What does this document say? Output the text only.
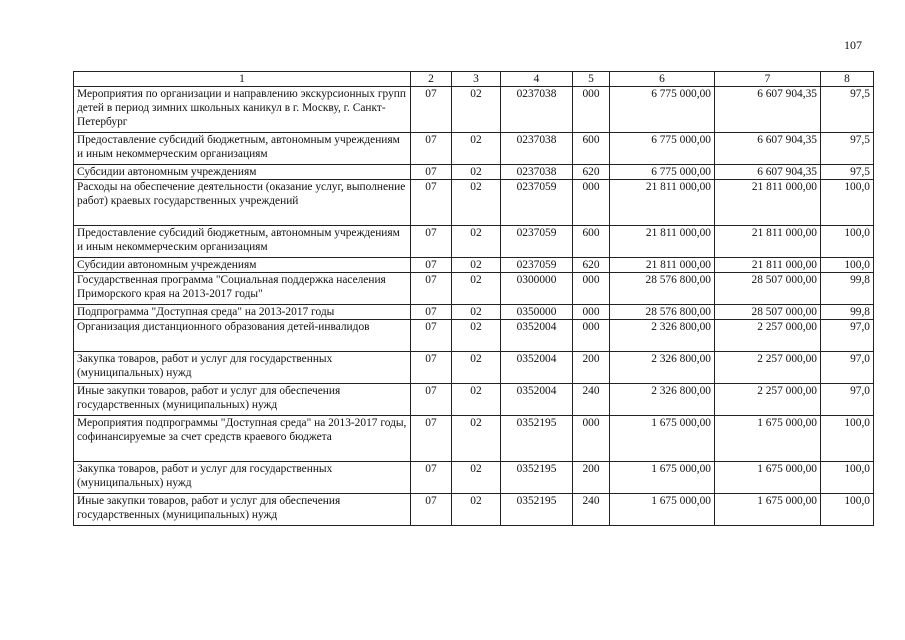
107
1	2	3	4	5	6	7	8
Мероприятия по организации и направлению экскурсионных групп детей в период зимних школьных каникул в г. Москву, г. Санкт-Петербург	07	02	0237038	000	6 775 000,00	6 607 904,35	97,5
Предоставление субсидий бюджетным, автономным учреждениям и иным некоммерческим организациям	07	02	0237038	600	6 775 000,00	6 607 904,35	97,5
Субсидии автономным учреждениям	07	02	0237038	620	6 775 000,00	6 607 904,35	97,5
Расходы на обеспечение деятельности (оказание услуг, выполнение работ) краевых государственных учреждений	07	02	0237059	000	21 811 000,00	21 811 000,00	100,0
Предоставление субсидий бюджетным, автономным учреждениям и иным некоммерческим организациям	07	02	0237059	600	21 811 000,00	21 811 000,00	100,0
Субсидии автономным учреждениям	07	02	0237059	620	21 811 000,00	21 811 000,00	100,0
Государственная программа "Социальная поддержка населения Приморского края на 2013-2017 годы"	07	02	0300000	000	28 576 800,00	28 507 000,00	99,8
Подпрограмма "Доступная среда" на 2013-2017 годы	07	02	0350000	000	28 576 800,00	28 507 000,00	99,8
Организация дистанционного образования детей-инвалидов	07	02	0352004	000	2 326 800,00	2 257 000,00	97,0
Закупка товаров, работ и услуг для государственных (муниципальных) нужд	07	02	0352004	200	2 326 800,00	2 257 000,00	97,0
Иные закупки товаров, работ и услуг для обеспечения государственных (муниципальных) нужд	07	02	0352004	240	2 326 800,00	2 257 000,00	97,0
Мероприятия подпрограммы "Доступная среда" на 2013-2017 годы, софинансируемые за счет средств краевого бюджета	07	02	0352195	000	1 675 000,00	1 675 000,00	100,0
Закупка товаров, работ и услуг для государственных (муниципальных) нужд	07	02	0352195	200	1 675 000,00	1 675 000,00	100,0
Иные закупки товаров, работ и услуг для обеспечения государственных (муниципальных) нужд	07	02	0352195	240	1 675 000,00	1 675 000,00	100,0
